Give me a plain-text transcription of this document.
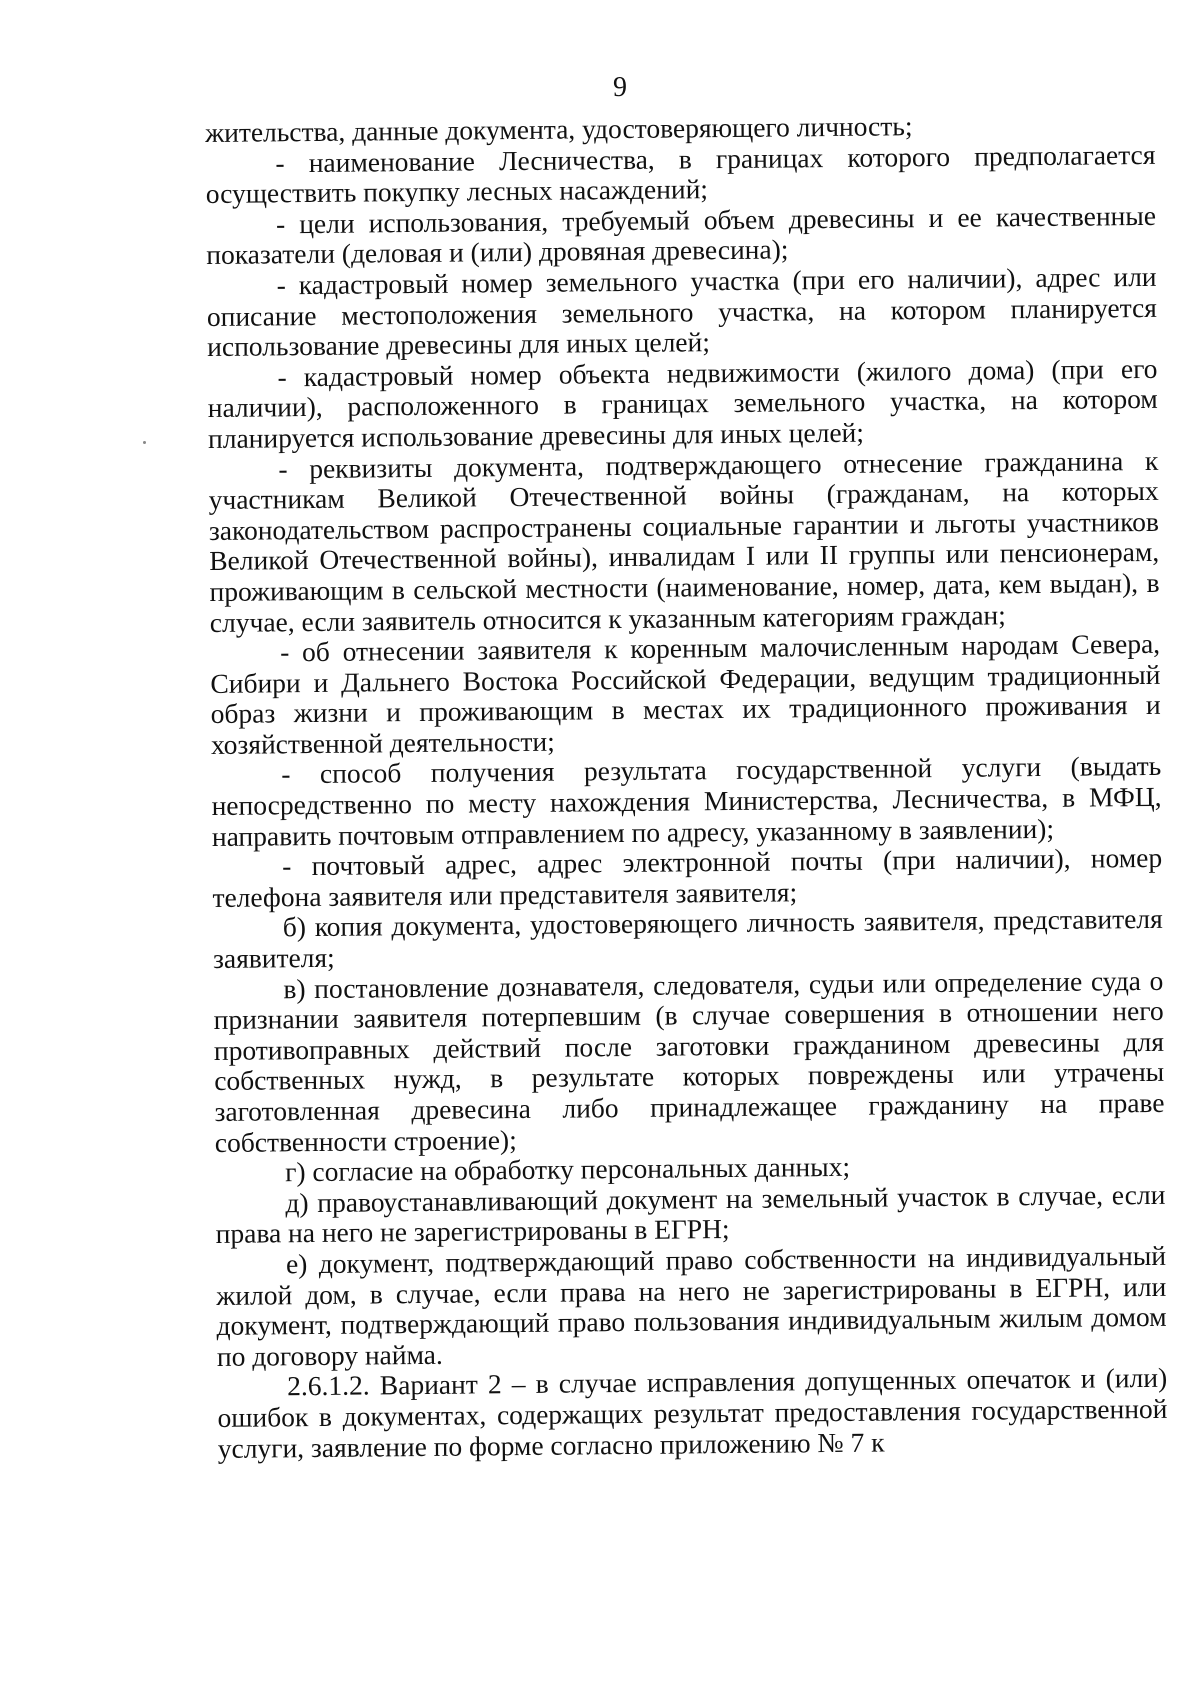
9

жительства, данные документа, удостоверяющего личность;

- наименование Лесничества, в границах которого предполагается осуществить покупку лесных насаждений;

- цели использования, требуемый объем древесины и ее качественные показатели (деловая и (или) дровяная древесина);

- кадастровый номер земельного участка (при его наличии), адрес или описание местоположения земельного участка, на котором планируется использование древесины для иных целей;

- кадастровый номер объекта недвижимости (жилого дома) (при его наличии), расположенного в границах земельного участка, на котором планируется использование древесины для иных целей;

- реквизиты документа, подтверждающего отнесение гражданина к участникам Великой Отечественной войны (гражданам, на которых законодательством распространены социальные гарантии и льготы участников Великой Отечественной войны), инвалидам I или II группы или пенсионерам, проживающим в сельской местности (наименование, номер, дата, кем выдан), в случае, если заявитель относится к указанным категориям граждан;

- об отнесении заявителя к коренным малочисленным народам Севера, Сибири и Дальнего Востока Российской Федерации, ведущим традиционный образ жизни и проживающим в местах их традиционного проживания и хозяйственной деятельности;

- способ получения результата государственной услуги (выдать непосредственно по месту нахождения Министерства, Лесничества, в МФЦ, направить почтовым отправлением по адресу, указанному в заявлении);

- почтовый адрес, адрес электронной почты (при наличии), номер телефона заявителя или представителя заявителя;

б) копия документа, удостоверяющего личность заявителя, представителя заявителя;

в) постановление дознавателя, следователя, судьи или определение суда о признании заявителя потерпевшим (в случае совершения в отношении него противоправных действий после заготовки гражданином древесины для собственных нужд, в результате которых повреждены или утрачены заготовленная древесина либо принадлежащее гражданину на праве собственности строение);

г) согласие на обработку персональных данных;

д) правоустанавливающий документ на земельный участок в случае, если права на него не зарегистрированы в ЕГРН;

е) документ, подтверждающий право собственности на индивидуальный жилой дом, в случае, если права на него не зарегистрированы в ЕГРН, или документ, подтверждающий право пользования индивидуальным жилым домом по договору найма.

2.6.1.2. Вариант 2 – в случае исправления допущенных опечаток и (или) ошибок в документах, содержащих результат предоставления государственной услуги, заявление по форме согласно приложению № 7 к
